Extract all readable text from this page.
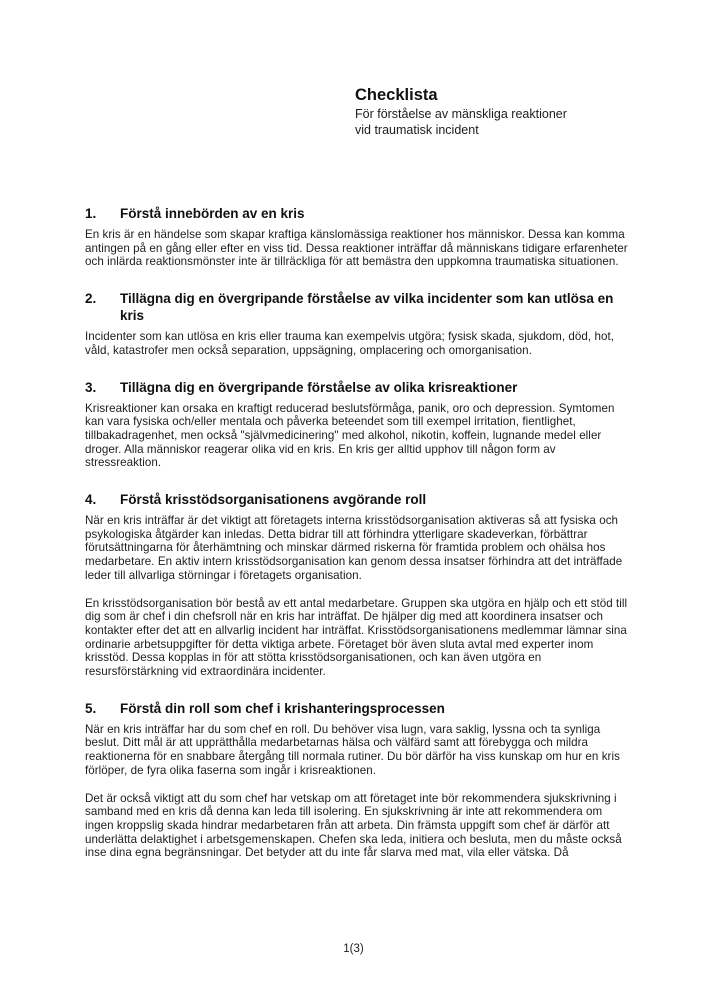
Checklista
För förståelse av mänskliga reaktioner
vid traumatisk incident
1.	Förstå innebörden av en kris

En kris är en händelse som skapar kraftiga känslomässiga reaktioner hos människor. Dessa kan komma antingen på en gång eller efter en viss tid. Dessa reaktioner inträffar då människans tidigare erfarenheter och inlärda reaktionsmönster inte är tillräckliga för att bemästra den uppkomna traumatiska situationen.

2.	Tillägna dig en övergripande förståelse av vilka incidenter som kan utlösa en kris

Incidenter som kan utlösa en kris eller trauma kan exempelvis utgöra; fysisk skada, sjukdom, död, hot, våld, katastrofer men också separation, uppsägning, omplacering och omorganisation.

3.	Tillägna dig en övergripande förståelse av olika krisreaktioner

Krisreaktioner kan orsaka en kraftigt reducerad beslutsförmåga, panik, oro och depression. Symtomen kan vara fysiska och/eller mentala och påverka beteendet som till exempel irritation, fientlighet, tillbakadragenhet, men också "självmedicinering" med alkohol, nikotin, koffein, lugnande medel eller droger. Alla människor reagerar olika vid en kris. En kris ger alltid upphov till någon form av stressreaktion.

4.	Förstå krisstödsorganisationens avgörande roll

När en kris inträffar är det viktigt att företagets interna krisstödsorganisation aktiveras så att fysiska och psykologiska åtgärder kan inledas. Detta bidrar till att förhindra ytterligare skadeverkan, förbättrar förutsättningarna för återhämtning och minskar därmed riskerna för framtida problem och ohälsa hos medarbetare. En aktiv intern krisstödsorganisation kan genom dessa insatser förhindra att det inträffade leder till allvarliga störningar i företagets organisation.

En krisstödsorganisation bör bestå av ett antal medarbetare. Gruppen ska utgöra en hjälp och ett stöd till dig som är chef i din chefsroll när en kris har inträffat. De hjälper dig med att koordinera insatser och kontakter efter det att en allvarlig incident har inträffat. Krisstödsorganisationens medlemmar lämnar sina ordinarie arbetsuppgifter för detta viktiga arbete. Företaget bör även sluta avtal med experter inom krisstöd. Dessa kopplas in för att stötta krisstödsorganisationen, och kan även utgöra en resursförstärkning vid extraordinära incidenter.

5.	Förstå din roll som chef i krishanteringsprocessen

När en kris inträffar har du som chef en roll. Du behöver visa lugn, vara saklig, lyssna och ta synliga beslut. Ditt mål är att upprätthålla medarbetarnas hälsa och välfärd samt att förebygga och mildra reaktionerna för en snabbare återgång till normala rutiner. Du bör därför ha viss kunskap om hur en kris förlöper, de fyra olika faserna som ingår i krisreaktionen.

Det är också viktigt att du som chef har vetskap om att företaget inte bör rekommendera sjukskrivning i samband med en kris då denna kan leda till isolering. En sjukskrivning är inte att rekommendera om ingen kroppslig skada hindrar medarbetaren från att arbeta. Din främsta uppgift som chef är därför att underlätta delaktighet i arbetsgemenskapen. Chefen ska leda, initiera och besluta, men du måste också inse dina egna begränsningar. Det betyder att du inte får slarva med mat, vila eller vätska. Då

1(3)
